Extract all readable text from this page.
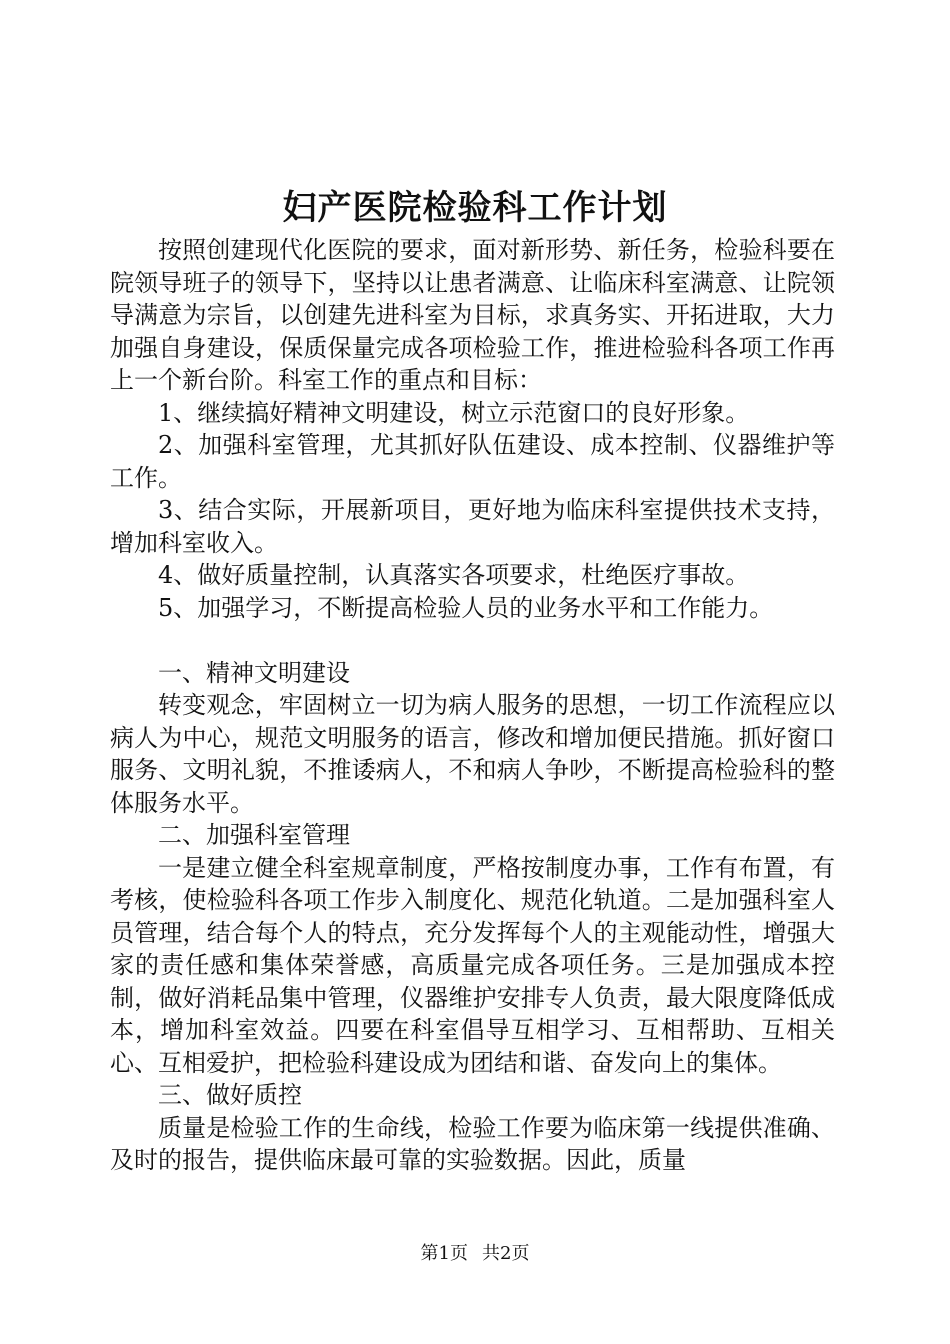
妇产医院检验科工作计划

按照创建现代化医院的要求，面对新形势、新任务，检验科要在院领导班子的领导下，坚持以让患者满意、让临床科室满意、让院领导满意为宗旨，以创建先进科室为目标，求真务实、开拓进取，大力加强自身建设，保质保量完成各项检验工作，推进检验科各项工作再上一个新台阶。科室工作的重点和目标：

1、继续搞好精神文明建设，树立示范窗口的良好形象。

2、加强科室管理，尤其抓好队伍建设、成本控制、仪器维护等工作。

3、结合实际，开展新项目，更好地为临床科室提供技术支持，增加科室收入。

4、做好质量控制，认真落实各项要求，杜绝医疗事故。

5、加强学习，不断提高检验人员的业务水平和工作能力。

一、精神文明建设

转变观念，牢固树立一切为病人服务的思想，一切工作流程应以病人为中心，规范文明服务的语言，修改和增加便民措施。抓好窗口服务、文明礼貌，不推诿病人，不和病人争吵，不断提高检验科的整体服务水平。

二、加强科室管理

一是建立健全科室规章制度，严格按制度办事，工作有布置，有考核，使检验科各项工作步入制度化、规范化轨道。二是加强科室人员管理，结合每个人的特点，充分发挥每个人的主观能动性，增强大家的责任感和集体荣誉感，高质量完成各项任务。三是加强成本控制，做好消耗品集中管理，仪器维护安排专人负责，最大限度降低成本，增加科室效益。四要在科室倡导互相学习、互相帮助、互相关心、互相爱护，把检验科建设成为团结和谐、奋发向上的集体。

三、做好质控

质量是检验工作的生命线，检验工作要为临床第一线提供准确、及时的报告，提供临床最可靠的实验数据。因此，质量

第1页 共2页
